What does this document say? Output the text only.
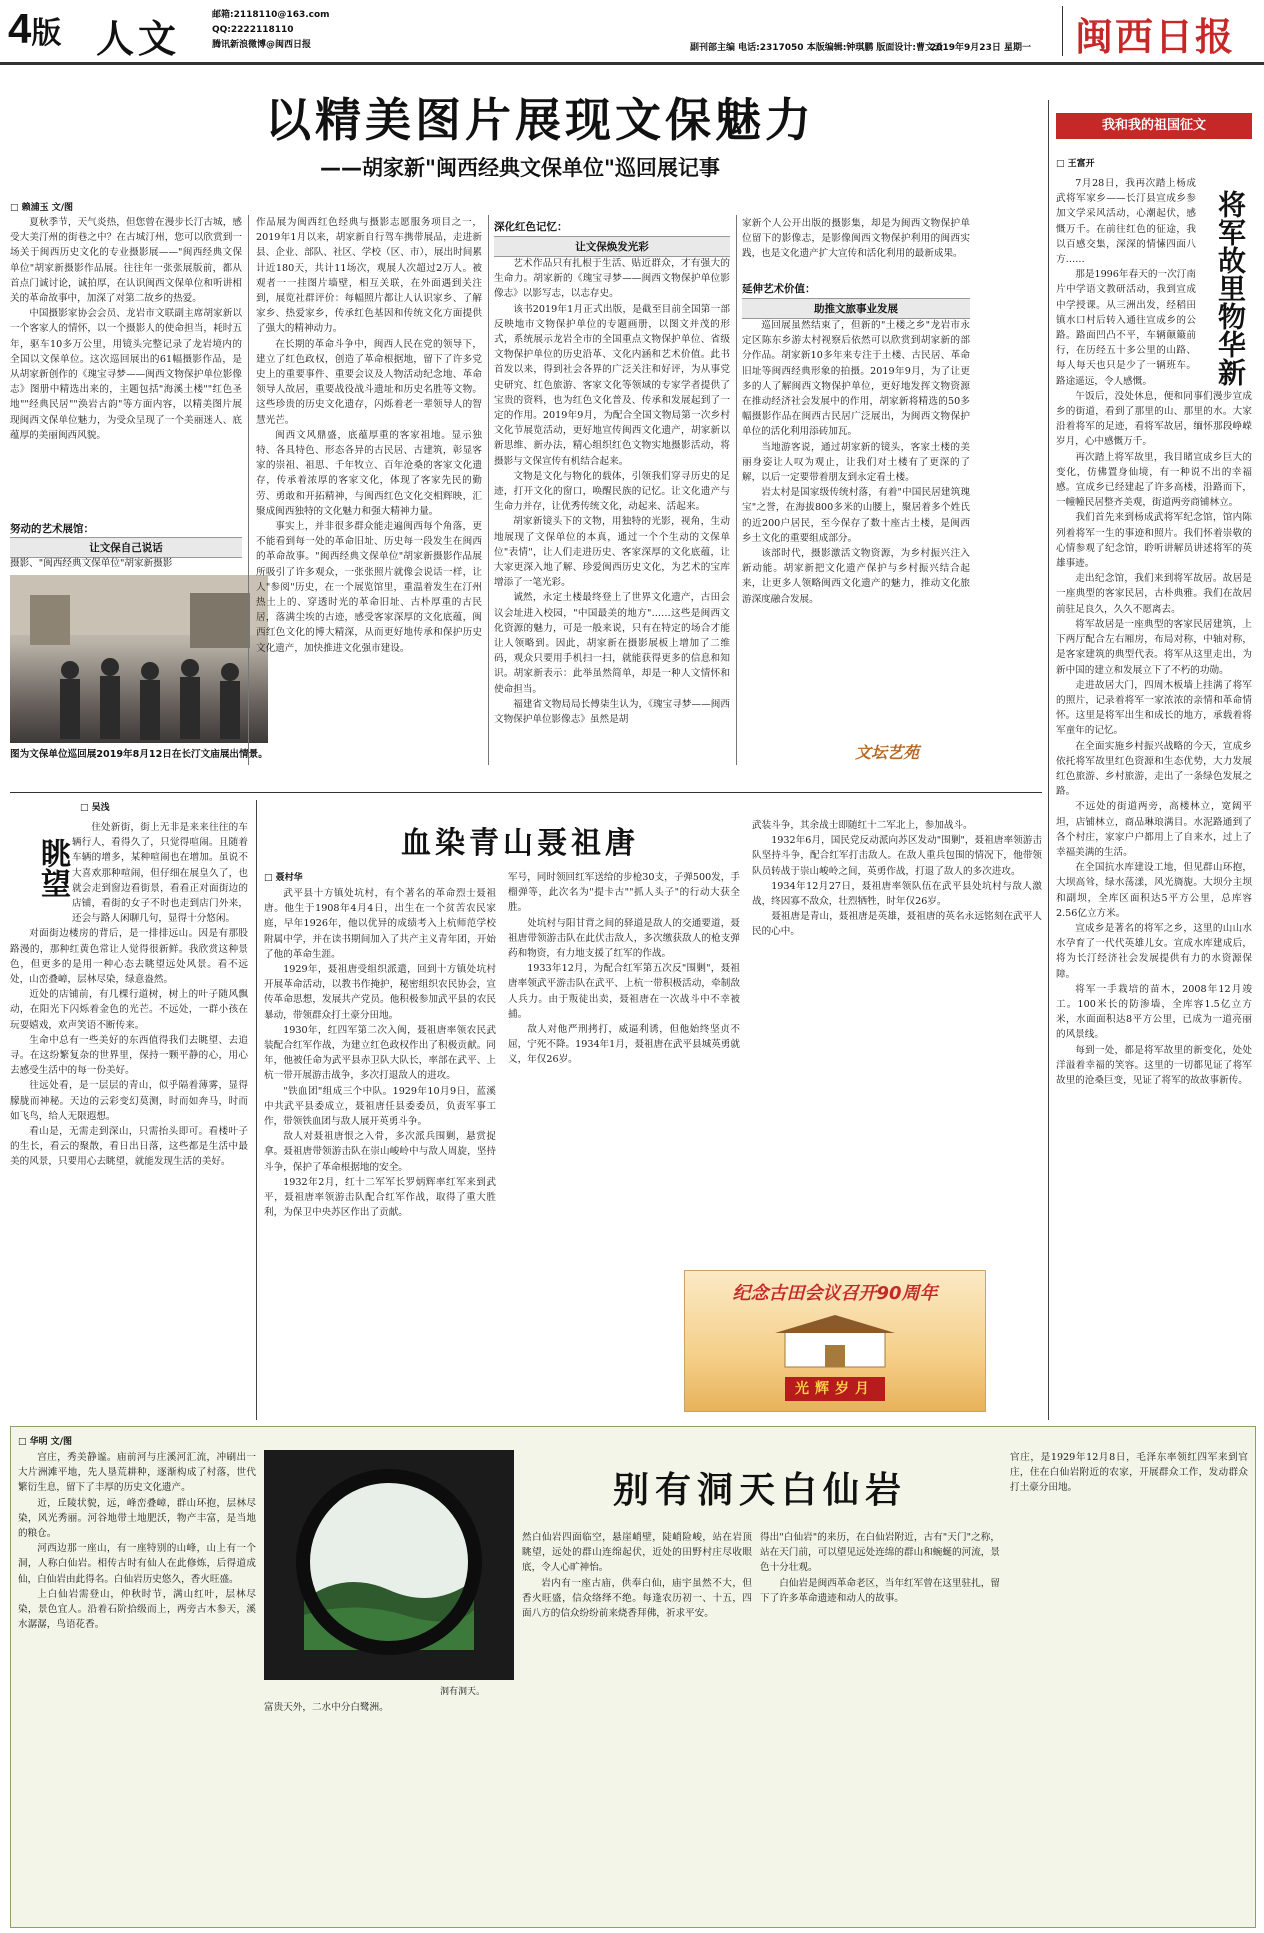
4版 人文
邮箱:2118110@163.com
QQ:2222118110
腾讯新浪微博@闽西日报	副刊部主编 电话:2317050 本版编辑:钟琪鹏 版面设计:曹文云
2019年9月23日 星期一 闽西日报
以精美图片展现文保魅力
——胡家新"闽西经典文保单位"巡回展记事
□ 赖浦玉 文/图

夏秋季节，天气炎热，但您曾在漫步长汀古城，感受大美汀州的街巷之中？在古城汀州，您可以欣赏到一场关于闽西历史文化的专业摄影展——"闽西经典文保单位"胡家新摄影作品展。往往年一张张展版前，都从首点门诚讨论，诚拍厚，在认识闽西文保单位和听讲相关的革命故事中，加深了对第二故乡的热爱。

中国摄影家协会会员、龙岩市文联副主席胡家新以一个客家人的情怀，以一个摄影人的使命担当，耗时五年，驱车10多万公里，用镜头完整记录了龙岩境内的全国以文保单位。这次巡回展出的61幅摄影作品，是从胡家新创作的《瑰宝寻梦——闽西文物保护单位影像志》图册中精选出来的，主题包括"海溪土楼""红色圣地""经典民居""涣岩古韵"等方面内容，以精美图片展现闽西文保单位魅力，为受众呈现了一个美丽迷人、底蕴厚的美丽闽西风貌。

努动的艺术展馆：
让文保自己说话
摄影、"闽西经典文保单位"胡家新摄影
图为文保单位巡回展2019年8月12日在长汀文庙展出情景。

作品展为闽西红色经典与摄影志愿服务项目之一，2019年1月以来，胡家新自行驾车携带展品，走进新县、企业、部队、社区、学校（区、市），展出时间累计近180天，共计11场次，观展人次超过2万人。被观者一一挂图片墙壁，相互关联，在外面遇到关注到，展览社群评价：每幅照片都让人认识家乡、了解家乡、热爱家乡，传承红色基因和传统文化方面提供了强大的精神动力。

在长期的革命斗争中，闽西人民在党的领导下，建立了红色政权，创造了革命根据地，留下了许多党史上的重要事件、重要会议及人物活动纪念地、革命领导人故居，重要战役战斗遗址和历史名胜等文物。这些珍贵的历史文化遗存，闪烁着老一辈领导人的智慧光芒。

闽西文风鼎盛，底蕴厚重的客家祖地。显示独特、各具特色、形态各异的古民居、古建筑，彰显客家的崇祖、祖思、千年牧立、百年沧桑的客家文化遗存，传承着浓厚的客家文化，体现了客家先民的勤劳、勇敢和开拓精神，与闽西红色文化交相辉映，汇聚成闽西独特的文化魅力和强大精神力量。

事实上，并非很多群众能走遍闽西每个角落，更不能看到每一处的革命旧址、历史每一段发生在闽西的革命故事。"闽西经典文保单位"胡家新摄影作品展所吸引了许多观众，一张张照片就像会说话一样，让人"参阅"历史，在一个展览馆里，重温着发生在汀州热土上的、穿透时光的革命旧址、古朴厚重的古民居，落满尘埃的古迹，感受客家深厚的文化底蕴，闽西红色文化的博大精深，从而更好地传承和保护历史文化遗产，加快推进文化强市建设。

深化红色记忆：
让文保焕发光彩

艺术作品只有扎根于生活、贴近群众，才有强大的生命力。胡家新的《瑰宝寻梦——闽西文物保护单位影像志》以影写志，以志存史。

该书2019年1月正式出版，是截至目前全国第一部反映地市文物保护单位的专题画册，以图文并茂的形式，系统展示龙岩全市的全国重点文物保护单位、省级文物保护单位的历史沿革、文化内涵和艺术价值。此书首发以来，得到社会各界的广泛关注和好评，为从事党史研究、红色旅游、客家文化等领域的专家学者提供了宝贵的资料，也为红色文化普及、传承和发展起到了一定的作用。2019年9月，为配合全国文物局第一次乡村文化节展览活动，更好地宣传闽西文化遗产，胡家新以新思维、新办法，精心组织红色文物实地摄影活动，将摄影与文保宣传有机结合起来。

文物是文化与物化的载体，引领我们穿寻历史的足迹，打开文化的窗口，唤醒民族的记忆。让文化遗产与生命力并存，让优秀传统文化，动起来、活起来。

胡家新镜头下的文物，用独特的光影，视角，生动地展现了文保单位的本真，通过一个个生动的文保单位"表情"，让人们走进历史、客家深厚的文化底蕴，让大家更深入地了解、珍爱闽西历史文化，为艺术的宝库增添了一笔光彩。

诚然，永定土楼最终登上了世界文化遗产，古田会议会址进入校园，"中国最美的地方"……这些是闽西文化资源的魅力，可是一般来说，只有在特定的场合才能让人领略到。因此，胡家新在摄影展板上增加了二维码，观众只要用手机扫一扫，就能获得更多的信息和知识。胡家新表示：此举虽然简单，却是一种人文情怀和使命担当。

福建省文物局局长傅柒生认为，《瑰宝寻梦——闽西文物保护单位影像志》虽然是胡

家新个人公开出版的摄影集，却是为闽西文物保护单位留下的影像志，是影像闽西文物保护利用的闽西实践，也是文化遗产扩大宣传和活化利用的最新成果。

延伸艺术价值：
助推文旅事业发展

巡回展虽然结束了，但新的"土楼之乡"龙岩市永定区陈东乡游太村视察后依然可以欣赏到胡家新的部分作品。胡家新10多年来专注于土楼、古民居、革命旧址等闽西经典形象的拍摄。2019年9月，为了让更多的人了解闽西文物保护单位，更好地发挥文物资源在推动经济社会发展中的作用，胡家新将精选的50多幅摄影作品在闽西古民居广泛展出，为闽西文物保护单位的活化利用添砖加瓦。

当地游客说，通过胡家新的镜头，客家土楼的美丽身姿让人叹为观止，让我们对土楼有了更深的了解，以后一定要带着朋友到永定看土楼。

岩太村是国家级传统村落，有着"中国民居建筑瑰宝"之誉，在海拔800多米的山腰上，聚居着多个姓氏的近200户居民，至今保存了数十座古土楼，是闽西乡土文化的重要组成部分。

该部时代，摄影激活文物资源，为乡村振兴注入新动能。胡家新把文化遗产保护与乡村振兴结合起来，让更多人领略闽西文化遗产的魅力，推动文化旅游深度融合发展。

文坛艺苑
我和我的祖国征文
□ 王富开
将军故里物华新

7月28日，我再次踏上杨成武将军家乡——长汀县宣成乡参加文学采风活动，心潮起伏，感慨万千。在前往红色的征途，我以百感交集，深深的情愫四面八方……

那是1996年春天的一次汀南片中学语文教研活动，我到宣成中学授课。从三洲出发，经稻田镇水口村后转入通往宣成乡的公路。路面凹凸不平，车辆颠簸前行，在历经五十多公里的山路、每人每天也只是少了一辆班车。路途遥远，令人感慨。

午饭后，没处休息，便和同事们漫步宣成乡的街道，看到了那里的山、那里的水。大家沿着将军的足迹，看将军故居，缅怀那段峥嵘岁月，心中感慨万千。

再次踏上将军故里，我目睹宣成乡巨大的变化，仿佛置身仙境，有一种说不出的幸福感。宣成乡已经建起了许多高楼，沿路而下，一幢幢民居整齐美观，街道两旁商铺林立。

我们首先来到杨成武将军纪念馆，馆内陈列着将军一生的事迹和照片。我们怀着崇敬的心情参观了纪念馆，聆听讲解员讲述将军的英雄事迹。

走出纪念馆，我们来到将军故居。故居是一座典型的客家民居，古朴典雅。我们在故居前驻足良久，久久不愿离去。

将军故居是一座典型的客家民居建筑，上下两厅配合左右厢房，布局对称，中轴对称，是客家建筑的典型代表。将军从这里走出，为新中国的建立和发展立下了不朽的功勋。

走进故居大门，四周木板墙上挂满了将军的照片，记录着将军一家浓浓的亲情和革命情怀。这里是将军出生和成长的地方，承载着将军童年的记忆。

在全面实施乡村振兴战略的今天，宣成乡依托将军故里红色资源和生态优势，大力发展红色旅游、乡村旅游，走出了一条绿色发展之路。

不远处的街道两旁，高楼林立，宽阔平坦，店铺林立，商品琳琅满目。水泥路通到了各个村庄，家家户户都用上了自来水，过上了幸福美满的生活。

在全国抗水库建设工地，但见群山环抱，大坝高耸，绿水荡漾，风光旖旎。大坝分主坝和副坝，全库区面积达5平方公里，总库容2.56亿立方米。

宣成乡是著名的将军之乡，这里的山山水水孕育了一代代英雄儿女。宣成水库建成后，将为长汀经济社会发展提供有力的水资源保障。

将军一手栽培的苗木，2008年12月竣工。100米长的防渗墙，全库容1.5亿立方米，水面面积达8平方公里，已成为一道亮丽的风景线。

每到一处，都是将军故里的新变化，处处洋溢着幸福的笑容。这里的一切都见证了将军故里的沧桑巨变，见证了将军的故故事新传。

□ 吴浅
眺望

住处新街，街上无非是来来往往的车辆行人，看得久了，只觉得喧闹。且随着车辆的增多，某种喧闹也在增加。虽说不大喜欢那种喧闹，但仔细在展皇久了，也就会走到窗边看街景，看看正对面街边的店铺，看街的女子不时也走到店门外来，还会与路人闲聊几句，显得十分悠闲。

对面街边楼房的背后，是一排排远山。因是有那股路漫的，那种红黄色常让人觉得很新鲜。我欣赏这种景色，但更多的是用一种心态去眺望远处风景。看不远处，山峦叠嶂，层林尽染，绿意盎然。

近处的店铺前，有几棵行道树，树上的叶子随风飘动，在阳光下闪烁着金色的光芒。不远处，一群小孩在玩耍嬉戏，欢声笑语不断传来。

生命中总有一些美好的东西值得我们去眺望、去追寻。在这纷繁复杂的世界里，保持一颗平静的心，用心去感受生活中的每一份美好。

往远处看，是一层层的青山，似乎隔着薄雾，显得朦胧而神秘。天边的云彩变幻莫测，时而如奔马，时而如飞鸟，给人无限遐想。

看山是，无需走到深山，只需抬头即可。看楼叶子的生长，看云的聚散，看日出日落，这些都是生活中最美的风景，只要用心去眺望，就能发现生活的美好。

血染青山聂祖唐
□ 聂村华

武平县十方镇处坑村，有个著名的革命烈士聂祖唐。他生于1908年4月4日，出生在一个贫苦农民家庭，早年1926年，他以优异的成绩考入上杭师范学校附属中学，并在读书期间加入了共产主义青年团，开始了他的革命生涯。

1929年，聂祖唐受组织派遣，回到十方镇处坑村开展革命活动，以教书作掩护，秘密组织农民协会，宣传革命思想，发展共产党员。他积极参加武平县的农民暴动，带领群众打土豪分田地。

1930年，红四军第二次入闽，聂祖唐率领农民武装配合红军作战，为建立红色政权作出了积极贡献。同年，他被任命为武平县赤卫队大队长，率部在武平、上杭一带开展游击战争，多次打退敌人的进攻。

"铁血团"组成三个中队。1929年10月9日，蓝溪中共武平县委成立，聂祖唐任县委委员，负责军事工作，带领铁血团与敌人展开英勇斗争。

敌人对聂祖唐恨之入骨，多次派兵围剿，悬赏捉拿。聂祖唐带领游击队在崇山峻岭中与敌人周旋，坚持斗争，保护了革命根据地的安全。

1932年2月，红十二军军长罗炳辉率红军来到武平，聂祖唐率领游击队配合红军作战，取得了重大胜利，为保卫中央苏区作出了贡献。

军号，同时领回红军送给的步枪30支，子弹500发，手榴弹等，此次名为"提卡古""抓人头子"的行动大获全胜。

处坑村与阳甘背之间的驿道是敌人的交通要道，聂祖唐带领游击队在此伏击敌人，多次缴获敌人的枪支弹药和物资，有力地支援了红军的作战。

1933年12月，为配合红军第五次反"围剿"，聂祖唐率领武平游击队在武平、上杭一带积极活动，牵制敌人兵力。由于叛徒出卖，聂祖唐在一次战斗中不幸被捕。

敌人对他严刑拷打，威逼利诱，但他始终坚贞不屈，宁死不降。1934年1月，聂祖唐在武平县城英勇就义，年仅26岁。

武装斗争，其余战士即随红十二军北上，参加战斗。

1932年6月，国民党反动派向苏区发动"围剿"，聂祖唐率领游击队坚持斗争，配合红军打击敌人。在敌人重兵包围的情况下，他带领队员转战于崇山峻岭之间，英勇作战，打退了敌人的多次进攻。

1934年12月27日，聂祖唐率领队伍在武平县处坑村与敌人激战，终因寡不敌众，壮烈牺牲，时年仅26岁。

聂祖唐是青山，聂祖唐是英雄，聂祖唐的英名永远铭刻在武平人民的心中。

纪念古田会议召开90周年
光辉岁月
□ 华明 文/图
别有洞天白仙岩

宫庄，秀美静谧。庙前河与庄溪河汇流，冲刷出一大片洲滩平地，先人垦荒耕种，逐渐构成了村落，世代繁衍生息，留下了丰厚的历史文化遗产。

近，丘陵状貌，远，峰峦叠嶂，群山环抱，层林尽染，风光秀丽。河谷地带土地肥沃，物产丰富，是当地的粮仓。

河西边那一座山，有一座特别的山峰，山上有一个洞，人称白仙岩。相传古时有仙人在此修炼，后得道成仙，白仙岩由此得名。白仙岩历史悠久，香火旺盛。

上白仙岩需登山，仲秋时节，满山红叶，层林尽染，景色宜人。沿着石阶拾级而上，两旁古木参天，溪水潺潺，鸟语花香。

洞有洞天。

富贵天外，二水中分白鹭洲。

然白仙岩四面临空，悬崖峭壁，陡峭险峻，站在岩顶眺望，远处的群山连绵起伏，近处的田野村庄尽收眼底，令人心旷神怡。

岩内有一座古庙，供奉白仙，庙宇虽然不大，但香火旺盛，信众络绎不绝。每逢农历初一、十五，四面八方的信众纷纷前来烧香拜佛，祈求平安。

得出"白仙岩"的来历，在白仙岩附近，古有"天门"之称，站在天门前，可以望见远处连绵的群山和蜿蜒的河流，景色十分壮观。

白仙岩是闽西革命老区，当年红军曾在这里驻扎，留下了许多革命遗迹和动人的故事。

官庄，是1929年12月8日，毛泽东率领红四军来到官庄，住在白仙岩附近的农家，开展群众工作，发动群众打土豪分田地。
